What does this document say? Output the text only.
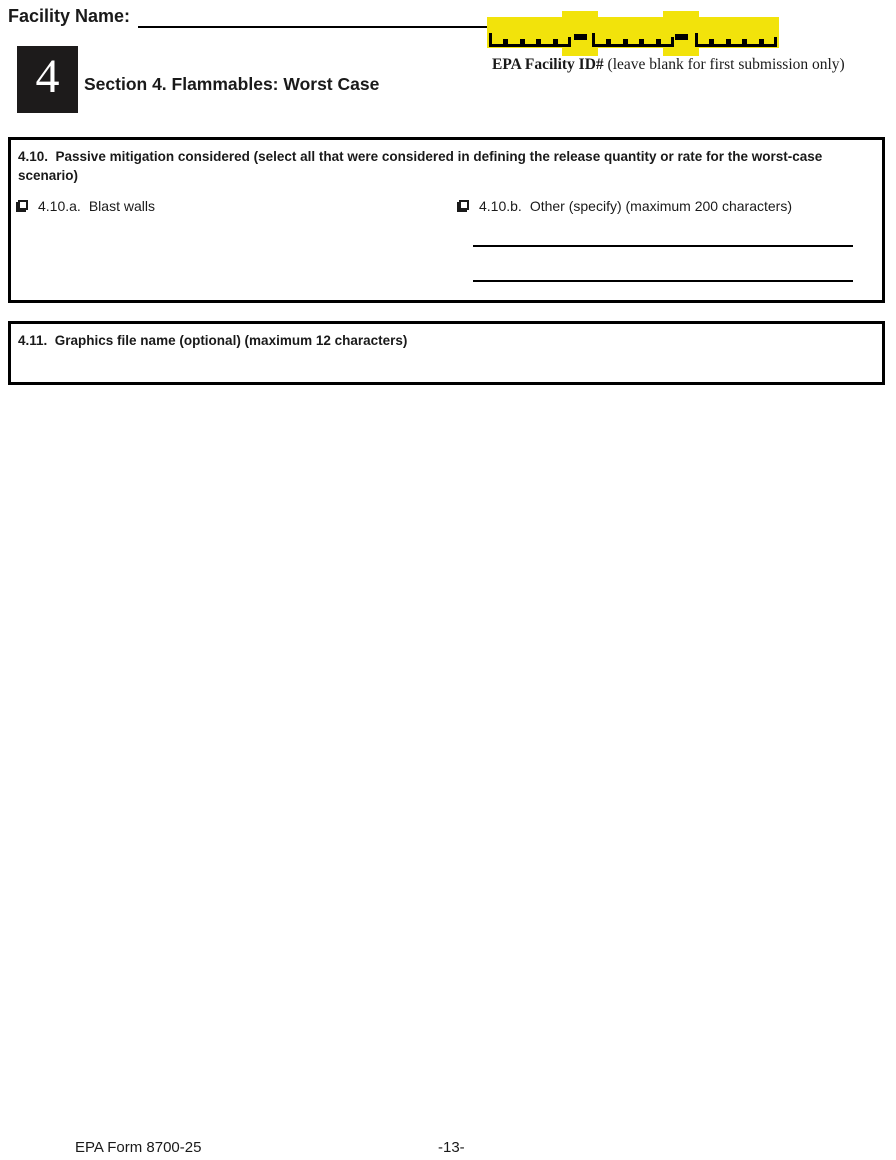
Facility Name:
EPA Facility ID# (leave blank for first submission only)
4 Section 4. Flammables: Worst Case
4.10.  Passive mitigation considered (select all that were considered in defining the release quantity or rate for the worst-case scenario)
4.10.a. Blast walls	4.10.b. Other (specify) (maximum 200 characters)
4.11.  Graphics file name (optional) (maximum 12 characters)
EPA Form 8700-25	-13-
